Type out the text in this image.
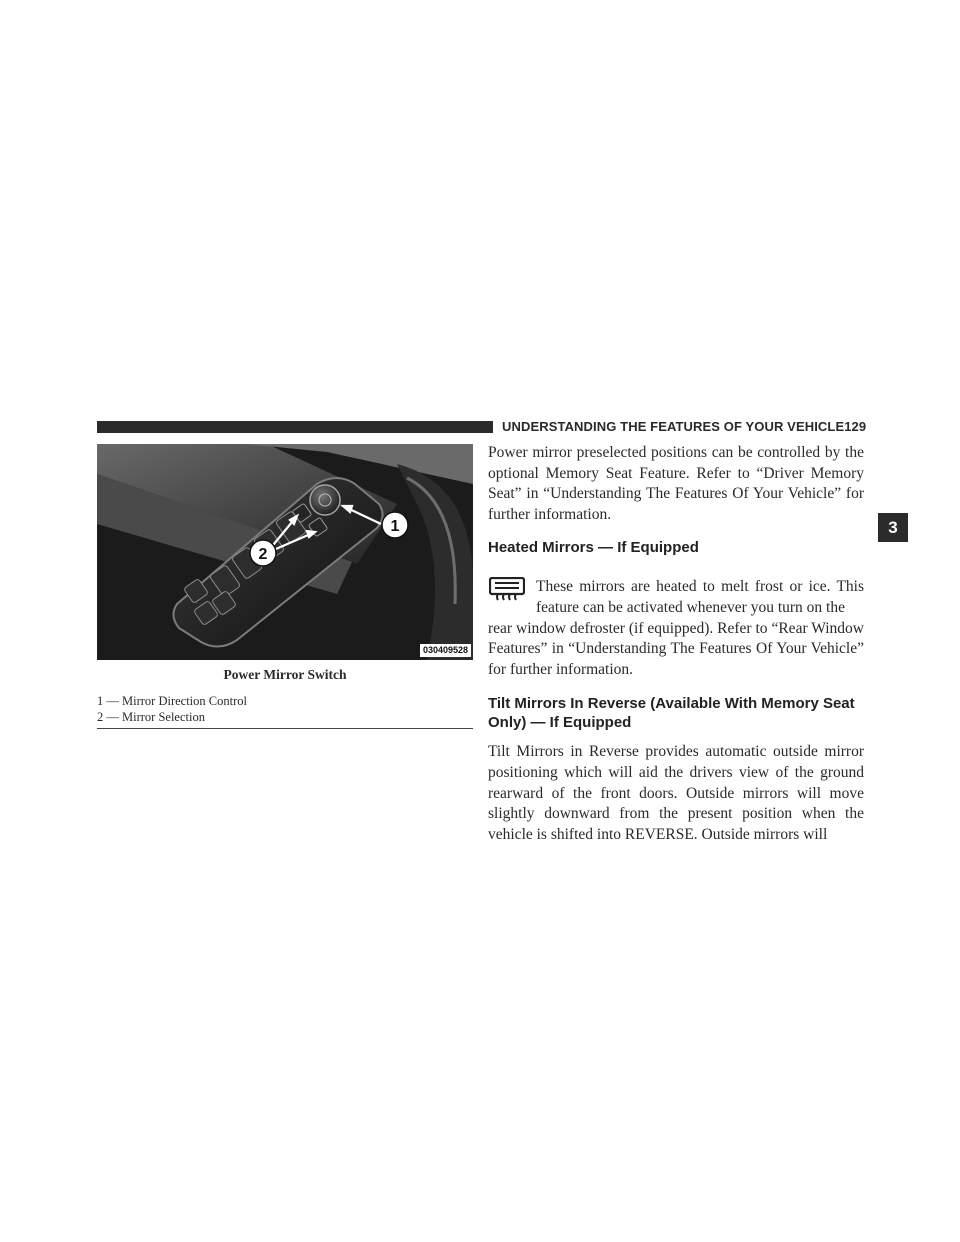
UNDERSTANDING THE FEATURES OF YOUR VEHICLE 129
3
1
2
030409528
Power Mirror Switch
1 — Mirror Direction Control
2 — Mirror Selection

Power mirror preselected positions can be controlled by the optional Memory Seat Feature. Refer to “Driver Memory Seat” in “Understanding The Features Of Your Vehicle” for further information.

Heated Mirrors — If Equipped

These mirrors are heated to melt frost or ice. This feature can be activated whenever you turn on the

rear window defroster (if equipped). Refer to “Rear Window Features” in “Understanding The Features Of Your Vehicle” for further information.

Tilt Mirrors In Reverse (Available With Memory Seat Only) — If Equipped

Tilt Mirrors in Reverse provides automatic outside mirror positioning which will aid the drivers view of the ground rearward of the front doors. Outside mirrors will move slightly downward from the present position when the vehicle is shifted into REVERSE. Outside mirrors will
